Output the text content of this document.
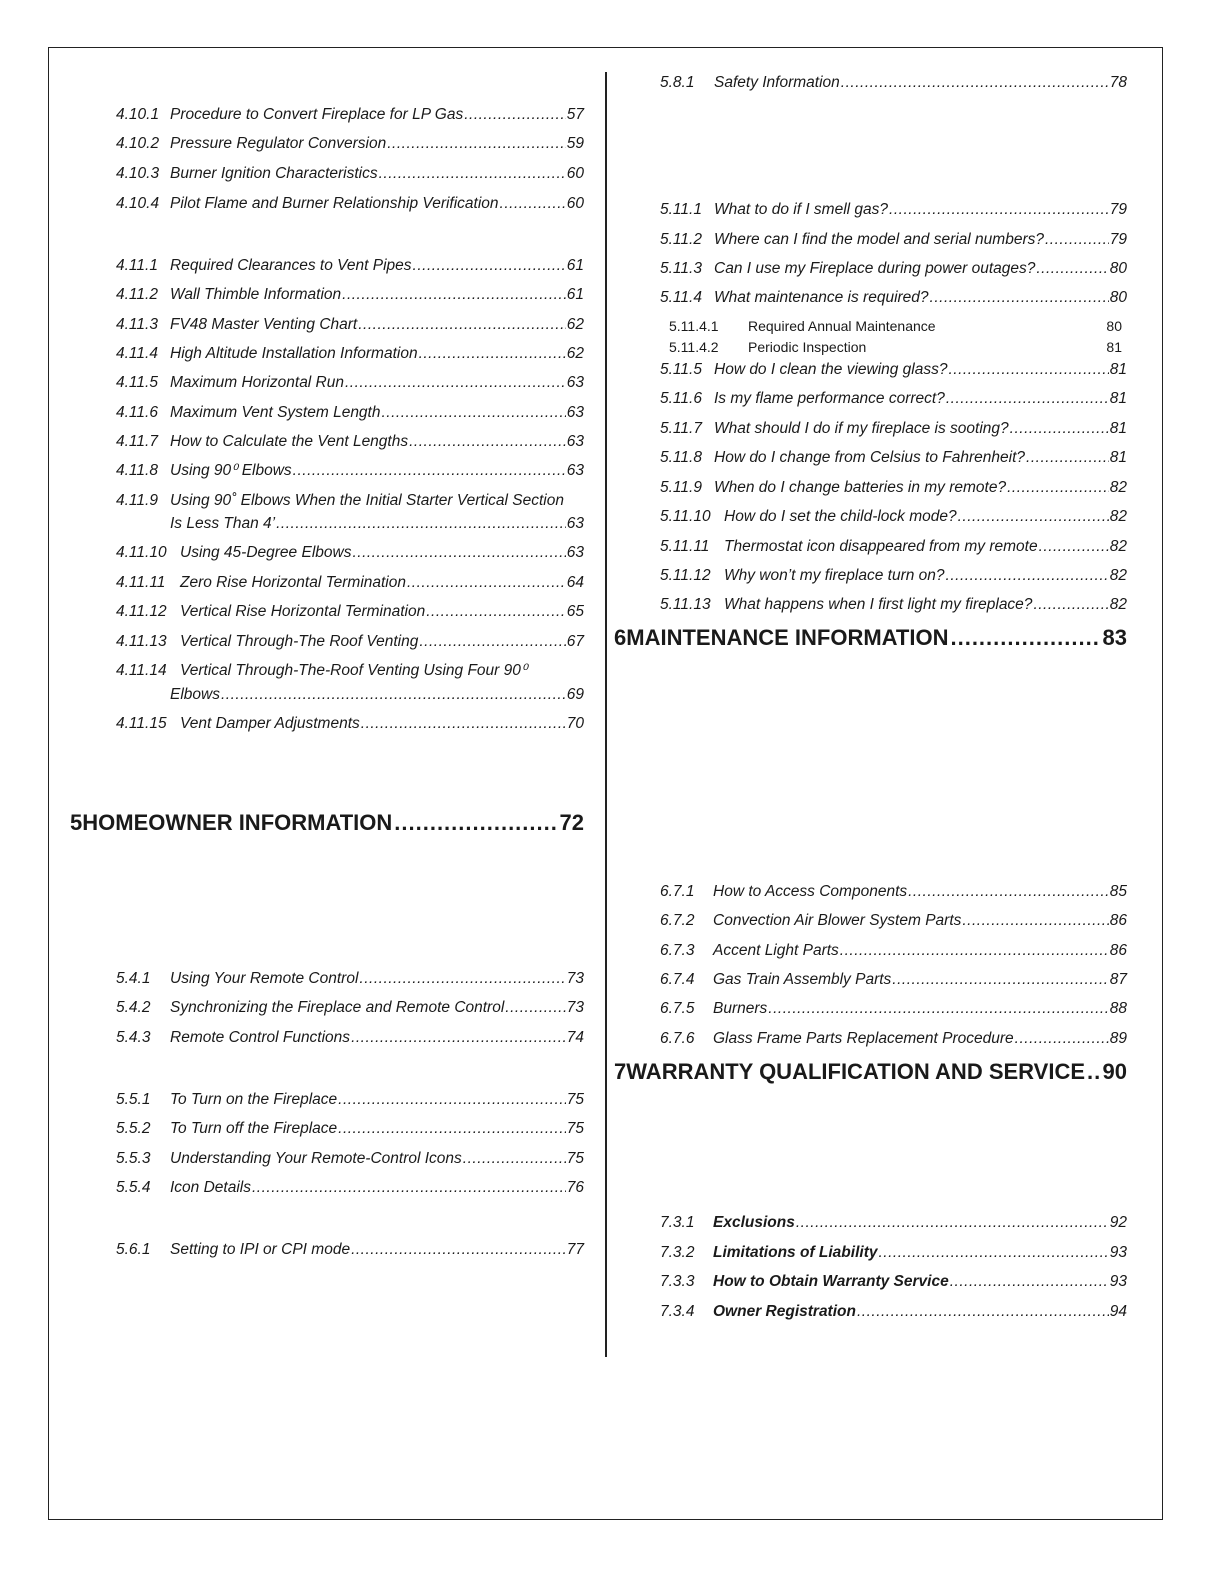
4.10.1 Procedure to Convert Fireplace for LP Gas .....	57
4.10.2 Pressure Regulator Conversion .....	59
4.10.3 Burner Ignition Characteristics .....	60
4.10.4 Pilot Flame and Burner Relationship Verification .....	60
4.11.1 Required Clearances to Vent Pipes .....	61
4.11.2 Wall Thimble Information .....	61
4.11.3 FV48 Master Venting Chart .....	62
4.11.4 High Altitude Installation Information .....	62
4.11.5 Maximum Horizontal Run .....	63
4.11.6 Maximum Vent System Length .....	63
4.11.7 How to Calculate the Vent Lengths .....	63
4.11.8 Using 90⁰ Elbows .....	63
4.11.9 Using 90˚ Elbows When the Initial Starter Vertical Section
Is Less Than 4’ .....	63
4.11.10 Using 45-Degree Elbows .....	63
4.11.11 Zero Rise Horizontal Termination .....	64
4.11.12 Vertical Rise Horizontal Termination .....	65
4.11.13 Vertical Through-The Roof Venting .....	67
4.11.14 Vertical Through-The-Roof Venting Using Four 90⁰
Elbows .....	69
4.11.15 Vent Damper Adjustments .....	70
5 HOMEOWNER INFORMATION .....	72
5.4.1	Using Your Remote Control .....	73
5.4.2	Synchronizing the Fireplace and Remote Control .....	73
5.4.3	Remote Control Functions .....	74
5.5.1	To Turn on the Fireplace .....	75
5.5.2	To Turn off the Fireplace .....	75
5.5.3	Understanding Your Remote-Control Icons .....	75
5.5.4	Icon Details .....	76
5.6.1	Setting to IPI or CPI mode .....	77
5.8.1	Safety Information .....	78
5.11.1 What to do if I smell gas? .....	79
5.11.2 Where can I find the model and serial numbers? .....	79
5.11.3 Can I use my Fireplace during power outages? .....	80
5.11.4 What maintenance is required? .....	80
5.11.4.1	Required Annual Maintenance	80
5.11.4.2	Periodic Inspection	81
5.11.5 How do I clean the viewing glass? .....	81
5.11.6 Is my flame performance correct? .....	81
5.11.7 What should I do if my fireplace is sooting? .....	81
5.11.8 How do I change from Celsius to Fahrenheit? .....	81
5.11.9 When do I change batteries in my remote? .....	82
5.11.10 How do I set the child-lock mode? .....	82
5.11.11 Thermostat icon disappeared from my remote .....	82
5.11.12 Why won’t my fireplace turn on? .....	82
5.11.13 What happens when I first light my fireplace? .....	82
6 MAINTENANCE INFORMATION .....	83
6.7.1	How to Access Components .....	85
6.7.2	Convection Air Blower System Parts .....	86
6.7.3	Accent Light Parts .....	86
6.7.4	Gas Train Assembly Parts .....	87
6.7.5	Burners .....	88
6.7.6	Glass Frame Parts Replacement Procedure .....	89
7 WARRANTY QUALIFICATION AND SERVICE ..... 90
7.3.1	Exclusions .....	92
7.3.2	Limitations of Liability .....	93
7.3.3	How to Obtain Warranty Service .....	93
7.3.4	Owner Registration .....	94
